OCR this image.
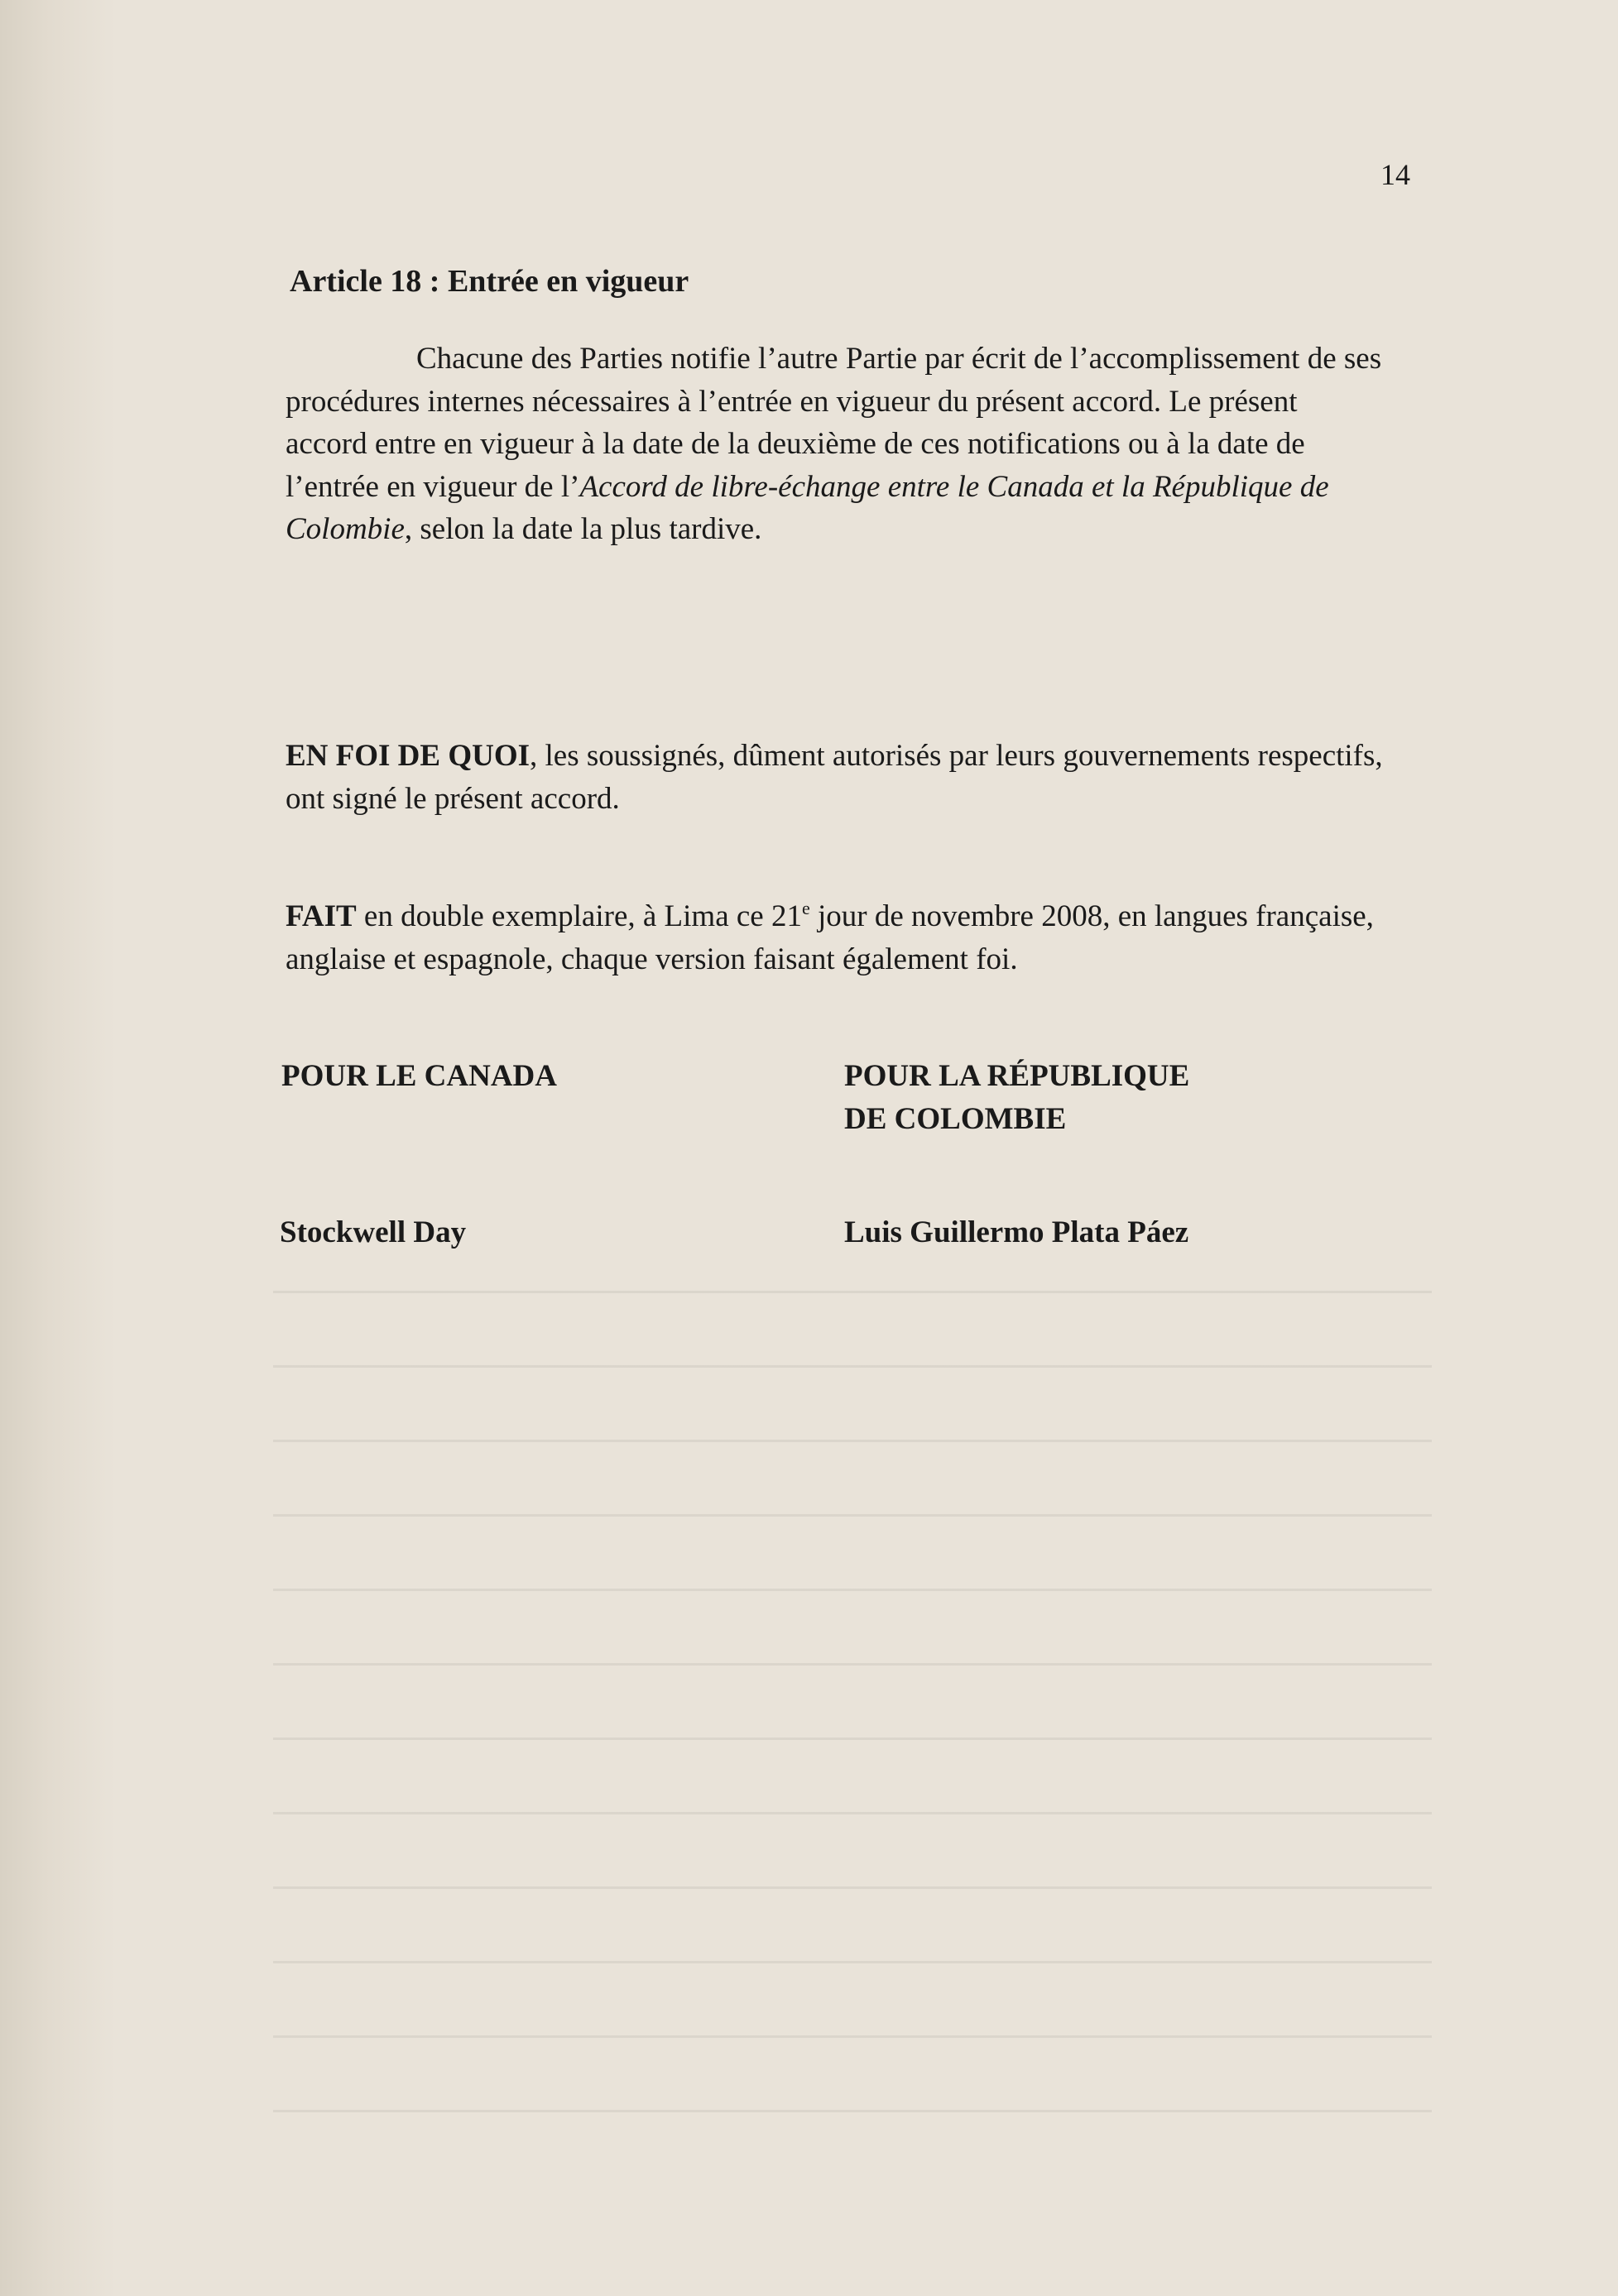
14
Article 18 : Entrée en vigueur
Chacune des Parties notifie l’autre Partie par écrit de l’accomplissement de ses procédures internes nécessaires à l’entrée en vigueur du présent accord. Le présent accord entre en vigueur à la date de la deuxième de ces notifications ou à la date de l’entrée en vigueur de l’Accord de libre-échange entre le Canada et la République de Colombie, selon la date la plus tardive.
EN FOI DE QUOI, les soussignés, dûment autorisés par leurs gouvernements respectifs, ont signé le présent accord.
FAIT en double exemplaire, à Lima ce 21e jour de novembre 2008, en langues française, anglaise et espagnole, chaque version faisant également foi.
POUR LE CANADA	POUR LA RÉPUBLIQUE
DE COLOMBIE
Stockwell Day	Luis Guillermo Plata Páez
